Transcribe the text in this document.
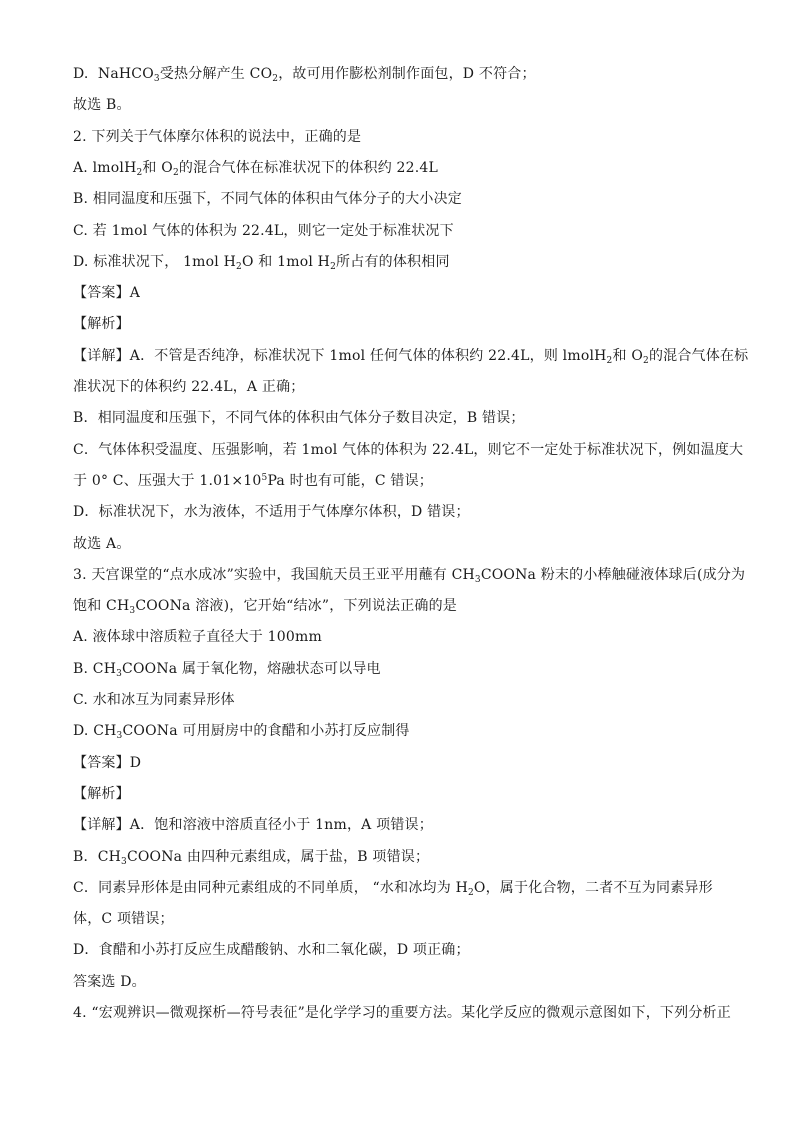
D.  NaHCO$_3$受热分解产生 $CO_2$，故可用作膨松剂制作面包，D 不符合；
故选 B。
2. 下列关于气体摩尔体积的说法中，正确的是
A. lmolH$_2$和 $O_2$的混合气体在标准状况下的体积约 22.4L
B. 相同温度和压强下，不同气体的体积由气体分子的大小决定
C. 若 1mol 气体的体积为 22.4L，则它一定处于标准状况下
D. 标准状况下， 1mol $H_2O$ 和 1mol $H_2$所占有的体积相同
【答案】A
【解析】
【详解】A．不管是否纯净，标准状况下 1mol 任何气体的体积约 22.4L，则 lmolH$_2$和 $O_2$的混合气体在标
准状况下的体积约 22.4L，A 正确；
B．相同温度和压强下，不同气体的体积由气体分子数目决定，B 错误；
C．气体体积受温度、压强影响，若 1mol 气体的体积为 22.4L，则它不一定处于标准状况下，例如温度大
于 0° C、压强大于 $1.01\times 10^5Pa$ 时也有可能，C 错误；
D．标准状况下，水为液体，不适用于气体摩尔体积，D 错误；
故选 A。
3. 天宫课堂的“点水成冰”实验中，我国航天员王亚平用蘸有 $CH_3COONa$ 粉末的小棒触碰液体球后(成分为
饱和 $CH_3COONa$ 溶液)，它开始“结冰”，下列说法正确的是
A. 液体球中溶质粒子直径大于 100mm
B. $CH_3COONa$ 属于氧化物，熔融状态可以导电
C. 水和冰互为同素异形体
D. $CH_3COONa$ 可用厨房中的食醋和小苏打反应制得
【答案】D
【解析】
【详解】A．饱和溶液中溶质直径小于 1nm，A 项错误；
B．$CH_3COONa$ 由四种元素组成，属于盐，B 项错误；
C．同素异形体是由同种元素组成的不同单质， “水和冰均为 $H_2O$，属于化合物，二者不互为同素异形
体，C 项错误；
D．食醋和小苏打反应生成醋酸钠、水和二氧化碳，D 项正确；
答案选 D。
4. “宏观辨识—微观探析—符号表征”是化学学习的重要方法。某化学反应的微观示意图如下，下列分析正
